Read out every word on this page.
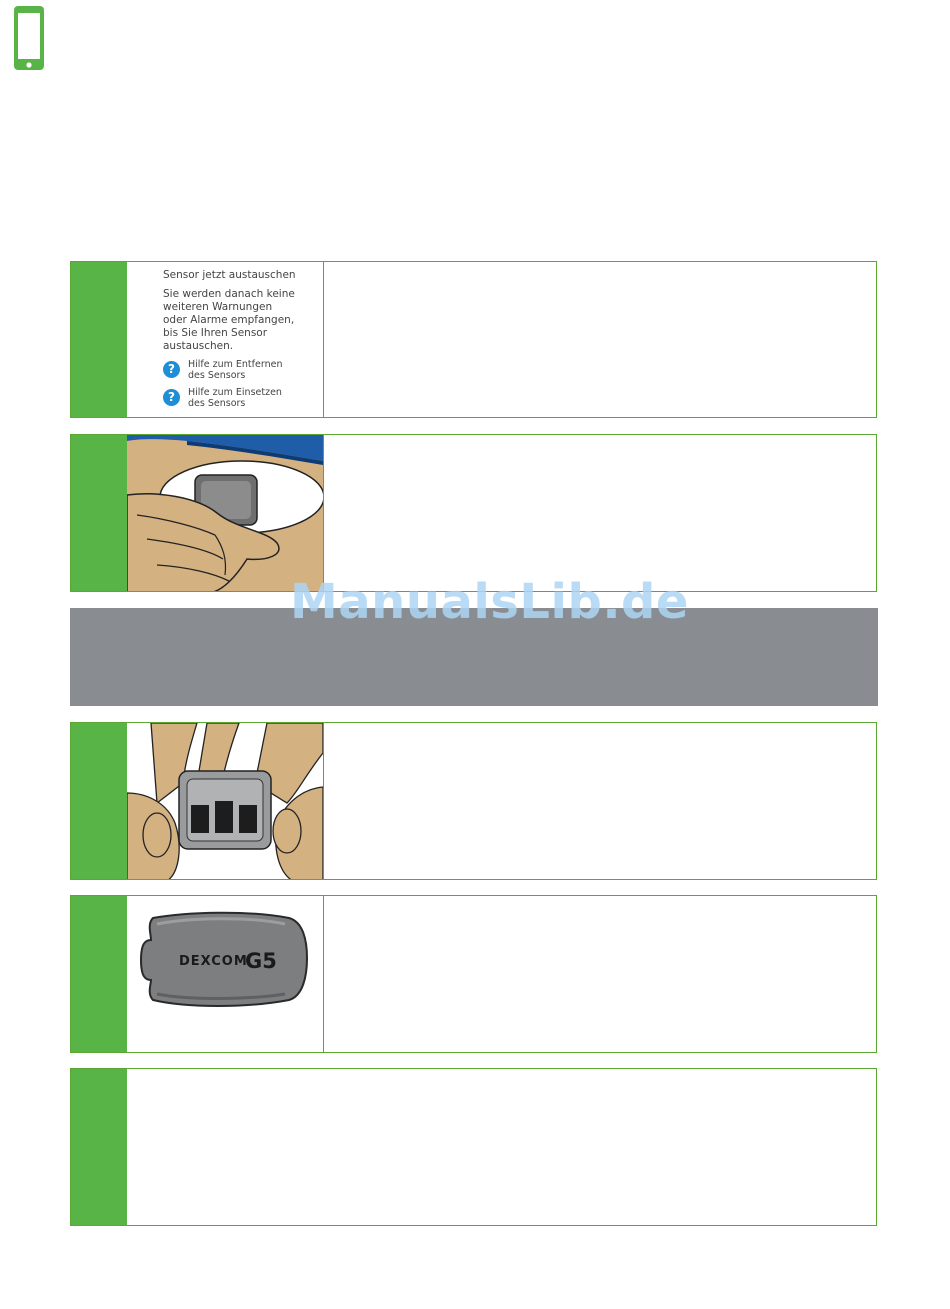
Sensor jetzt austauschen
Sie werden danach keine
weiteren Warnungen
oder Alarme empfangen,
bis Sie Ihren Sensor
austauschen.
?	Hilfe zum Entfernen
des Sensors
?	Hilfe zum Einsetzen
des Sensors
ManualsLib.de
DEXCOM
G5
